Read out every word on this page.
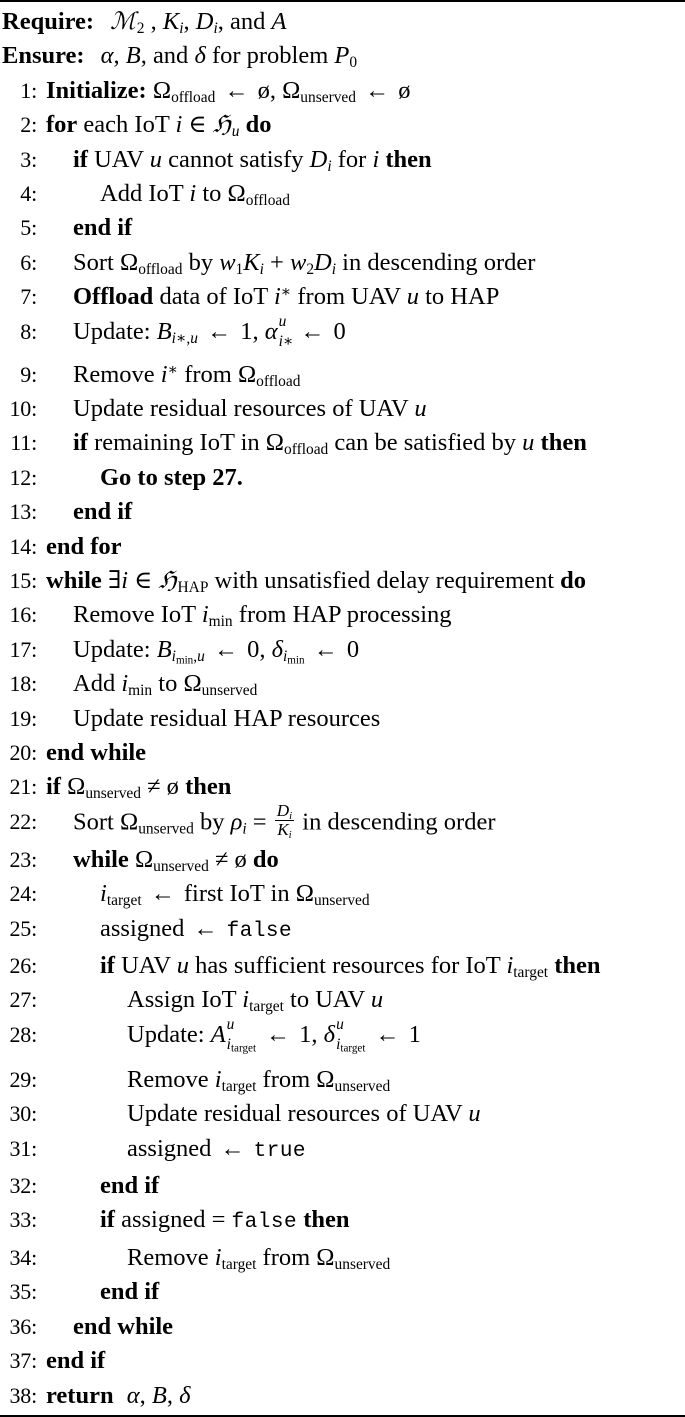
Require: ℳ$_2$ , $K_i$, $D_i$, and A
Ensure: α, B, and δ for problem $P_0$
1: Initialize: $\Omega_{offload}$ ← ø, $\Omega_{unserved}$ ← ø
2: for each IoT i ∈ ℌ$_u$ do
3:	if UAV u cannot satisfy $D_i$ for i then
4:	Add IoT i to $\Omega_{offload}$
5:	end if
6:	Sort $\Omega_{offload}$ by $w_1K_i + w_2D_i$ in descending order
7:	Offload data of IoT i∗ from UAV u to HAP
8:	Update: $B_{i∗,u}$ ← 1, α u
i∗ ← 0
9:	Remove i∗ from $\Omega_{offload}$
10:	Update residual resources of UAV u
11:	if remaining IoT in $\Omega_{offload}$ can be satisfied by u then
12:	Go to step 27.
13:	end if
14: end for
15: while ∃i ∈ ℌ$_{HAP}$ with unsatisfied delay requirement do
16:	Remove IoT $i_{min}$ from HAP processing
17:	Update: $B_{imin,u}$ ← 0, $\delta_{imin}$ ← 0
18:	Add $i_{min}$ to $\Omega_{unserved}$
19:	Update residual HAP resources
20: end while
21: if $\Omega_{unserved}$ ≠ ø then
22:	Sort $\Omega_{unserved}$ by $\rho_i = \frac{D_i}{K_i}$ in descending order
23:	while $\Omega_{unserved}$ ≠ ø do
24:	$i_{target}$ ← first IoT in $\Omega_{unserved}$
25:	assigned ← false
26:	if UAV u has sufficient resources for IoT $i_{target}$ then
27:	Assign IoT $i_{target}$ to UAV u
28:	Update: A u
itarget
← 1, δ u
itarget
← 1
29:	Remove $i_{target}$ from $\Omega_{unserved}$
30:	Update residual resources of UAV u
31:	assigned ← true
32:	end if
33:	if assigned = false then
34:	Remove $i_{target}$ from $\Omega_{unserved}$
35:	end if
36:	end while
37: end if
38: return α, B, δ
